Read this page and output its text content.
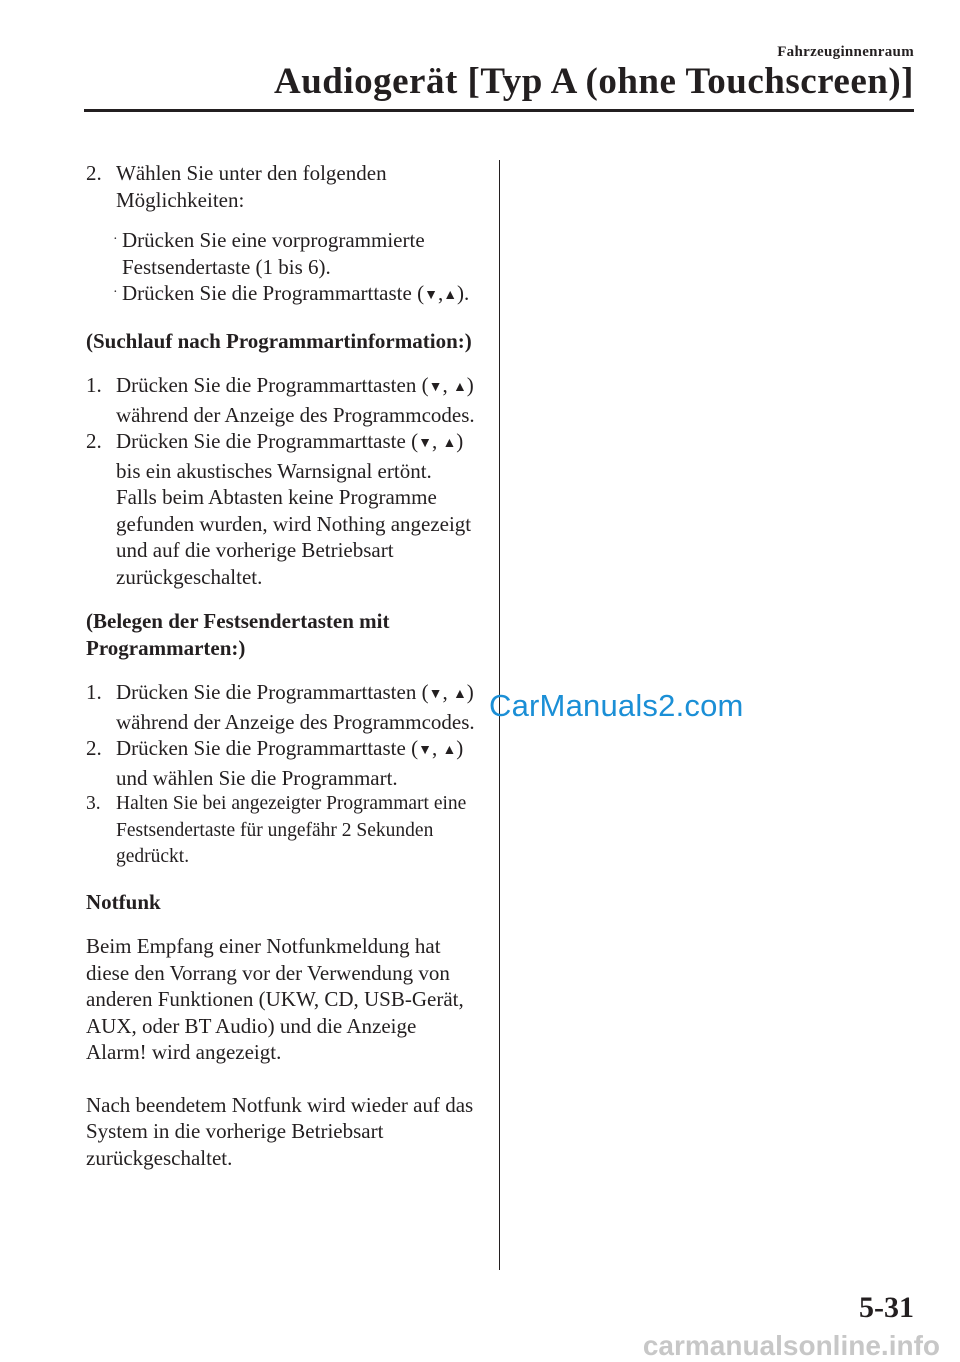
Fahrzeuginnenraum
Audiogerät [Typ A (ohne Touchscreen)]
2. Wählen Sie unter den folgenden Möglichkeiten:
· Drücken Sie eine vorprogrammierte Festsendertaste (1 bis 6).
· Drücken Sie die Programmarttaste (▼,▲).
(Suchlauf nach Programmartinformation:)
1. Drücken Sie die Programmarttasten (▼, ▲) während der Anzeige des Programmcodes.
2. Drücken Sie die Programmarttaste (▼, ▲) bis ein akustisches Warnsignal ertönt.
Falls beim Abtasten keine Programme gefunden wurden, wird Nothing angezeigt und auf die vorherige Betriebsart zurückgeschaltet.
(Belegen der Festsendertasten mit Programmarten:)
1. Drücken Sie die Programmarttasten (▼, ▲) während der Anzeige des Programmcodes.
2. Drücken Sie die Programmarttaste (▼, ▲) und wählen Sie die Programmart.
3. Halten Sie bei angezeigter Programmart eine Festsendertaste für ungefähr 2 Sekunden gedrückt.
Notfunk
Beim Empfang einer Notfunkmeldung hat diese den Vorrang vor der Verwendung von anderen Funktionen (UKW, CD, USB-Gerät, AUX, oder BT Audio) und die Anzeige Alarm! wird angezeigt.
Nach beendetem Notfunk wird wieder auf das System in die vorherige Betriebsart zurückgeschaltet.
CarManuals2.com
5-31
carmanualsonline.info
